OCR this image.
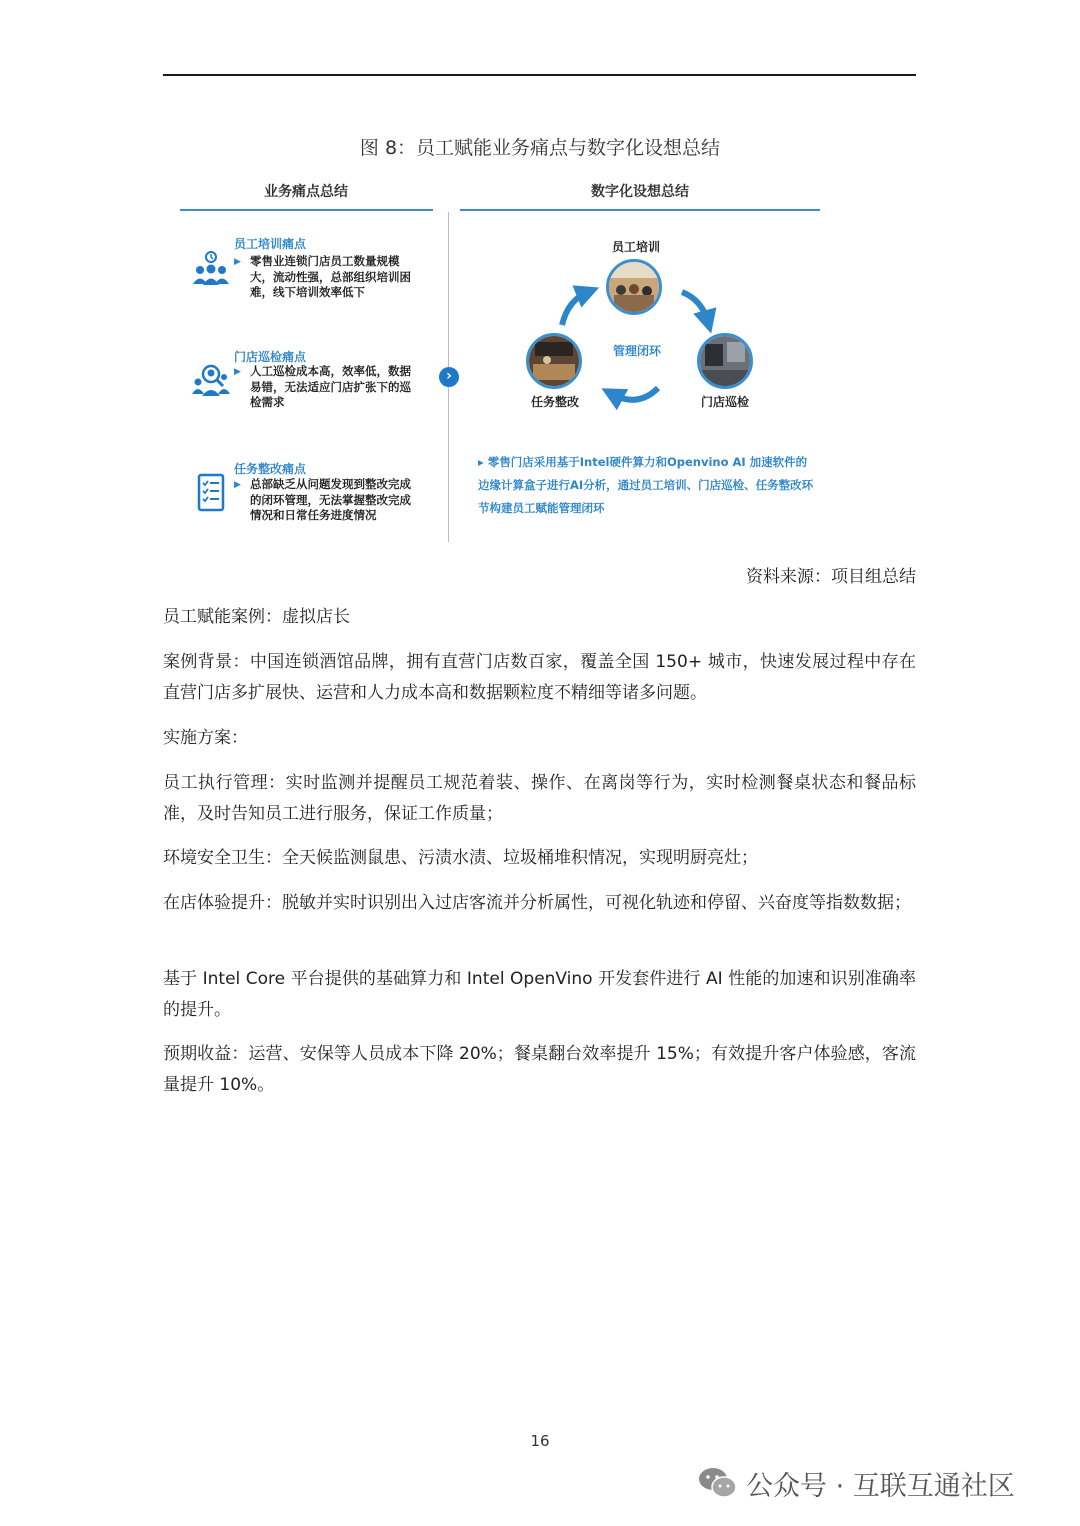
图 8：员工赋能业务痛点与数字化设想总结
业务痛点总结	数字化设想总结
›
员工培训痛点
▶ 零售业连锁门店员工数量规模大，流动性强，总部组织培训困难，线下培训效率低下
门店巡检痛点
▶ 人工巡检成本高，效率低，数据易错，无法适应门店扩张下的巡检需求
任务整改痛点
▶ 总部缺乏从问题发现到整改完成的闭环管理，无法掌握整改完成情况和日常任务进度情况
员工培训
门店巡检
任务整改
管理闭环
▸ 零售门店采用基于Intel硬件算力和Openvino AI 加速软件的边缘计算盒子进行AI分析，通过员工培训、门店巡检、任务整改环节构建员工赋能管理闭环
资料来源：项目组总结
员工赋能案例：虚拟店长
案例背景：中国连锁酒馆品牌，拥有直营门店数百家，覆盖全国 150+ 城市，快速发展过程中存在直营门店多扩展快、运营和人力成本高和数据颗粒度不精细等诸多问题。
实施方案：
员工执行管理：实时监测并提醒员工规范着装、操作、在离岗等行为，实时检测餐桌状态和餐品标准，及时告知员工进行服务，保证工作质量；
环境安全卫生：全天候监测鼠患、污渍水渍、垃圾桶堆积情况，实现明厨亮灶；
在店体验提升：脱敏并实时识别出入过店客流并分析属性，可视化轨迹和停留、兴奋度等指数数据；
基于 Intel Core 平台提供的基础算力和 Intel OpenVino 开发套件进行 AI 性能的加速和识别准确率的提升。
预期收益：运营、安保等人员成本下降 20%；餐桌翻台效率提升 15%；有效提升客户体验感，客流量提升 10%。
16
公众号 · 互联互通社区
